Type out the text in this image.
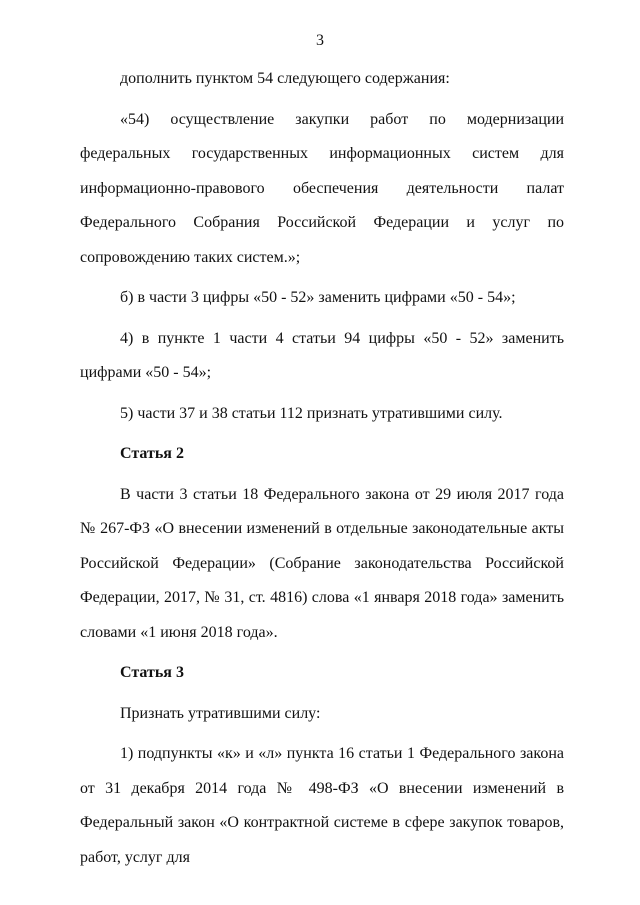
3

дополнить пунктом 54 следующего содержания:

«54) осуществление закупки работ по модернизации федеральных государственных информационных систем для информационно-правового обеспечения деятельности палат Федерального Собрания Российской Федерации и услуг по сопровождению таких систем.»;

б) в части 3 цифры «50 - 52» заменить цифрами «50 - 54»;

4) в пункте 1 части 4 статьи 94 цифры «50 - 52» заменить цифрами «50 - 54»;

5) части 37 и 38 статьи 112 признать утратившими силу.

Статья 2

В части 3 статьи 18 Федерального закона от 29 июля 2017 года № 267-ФЗ «О внесении изменений в отдельные законодательные акты Российской Федерации» (Собрание законодательства Российской Федерации, 2017, № 31, ст. 4816) слова «1 января 2018 года» заменить словами «1 июня 2018 года».

Статья 3

Признать утратившими силу:

1) подпункты «к» и «л» пункта 16 статьи 1 Федерального закона от 31 декабря 2014 года № 498-ФЗ «О внесении изменений в Федеральный закон «О контрактной системе в сфере закупок товаров, работ, услуг для
